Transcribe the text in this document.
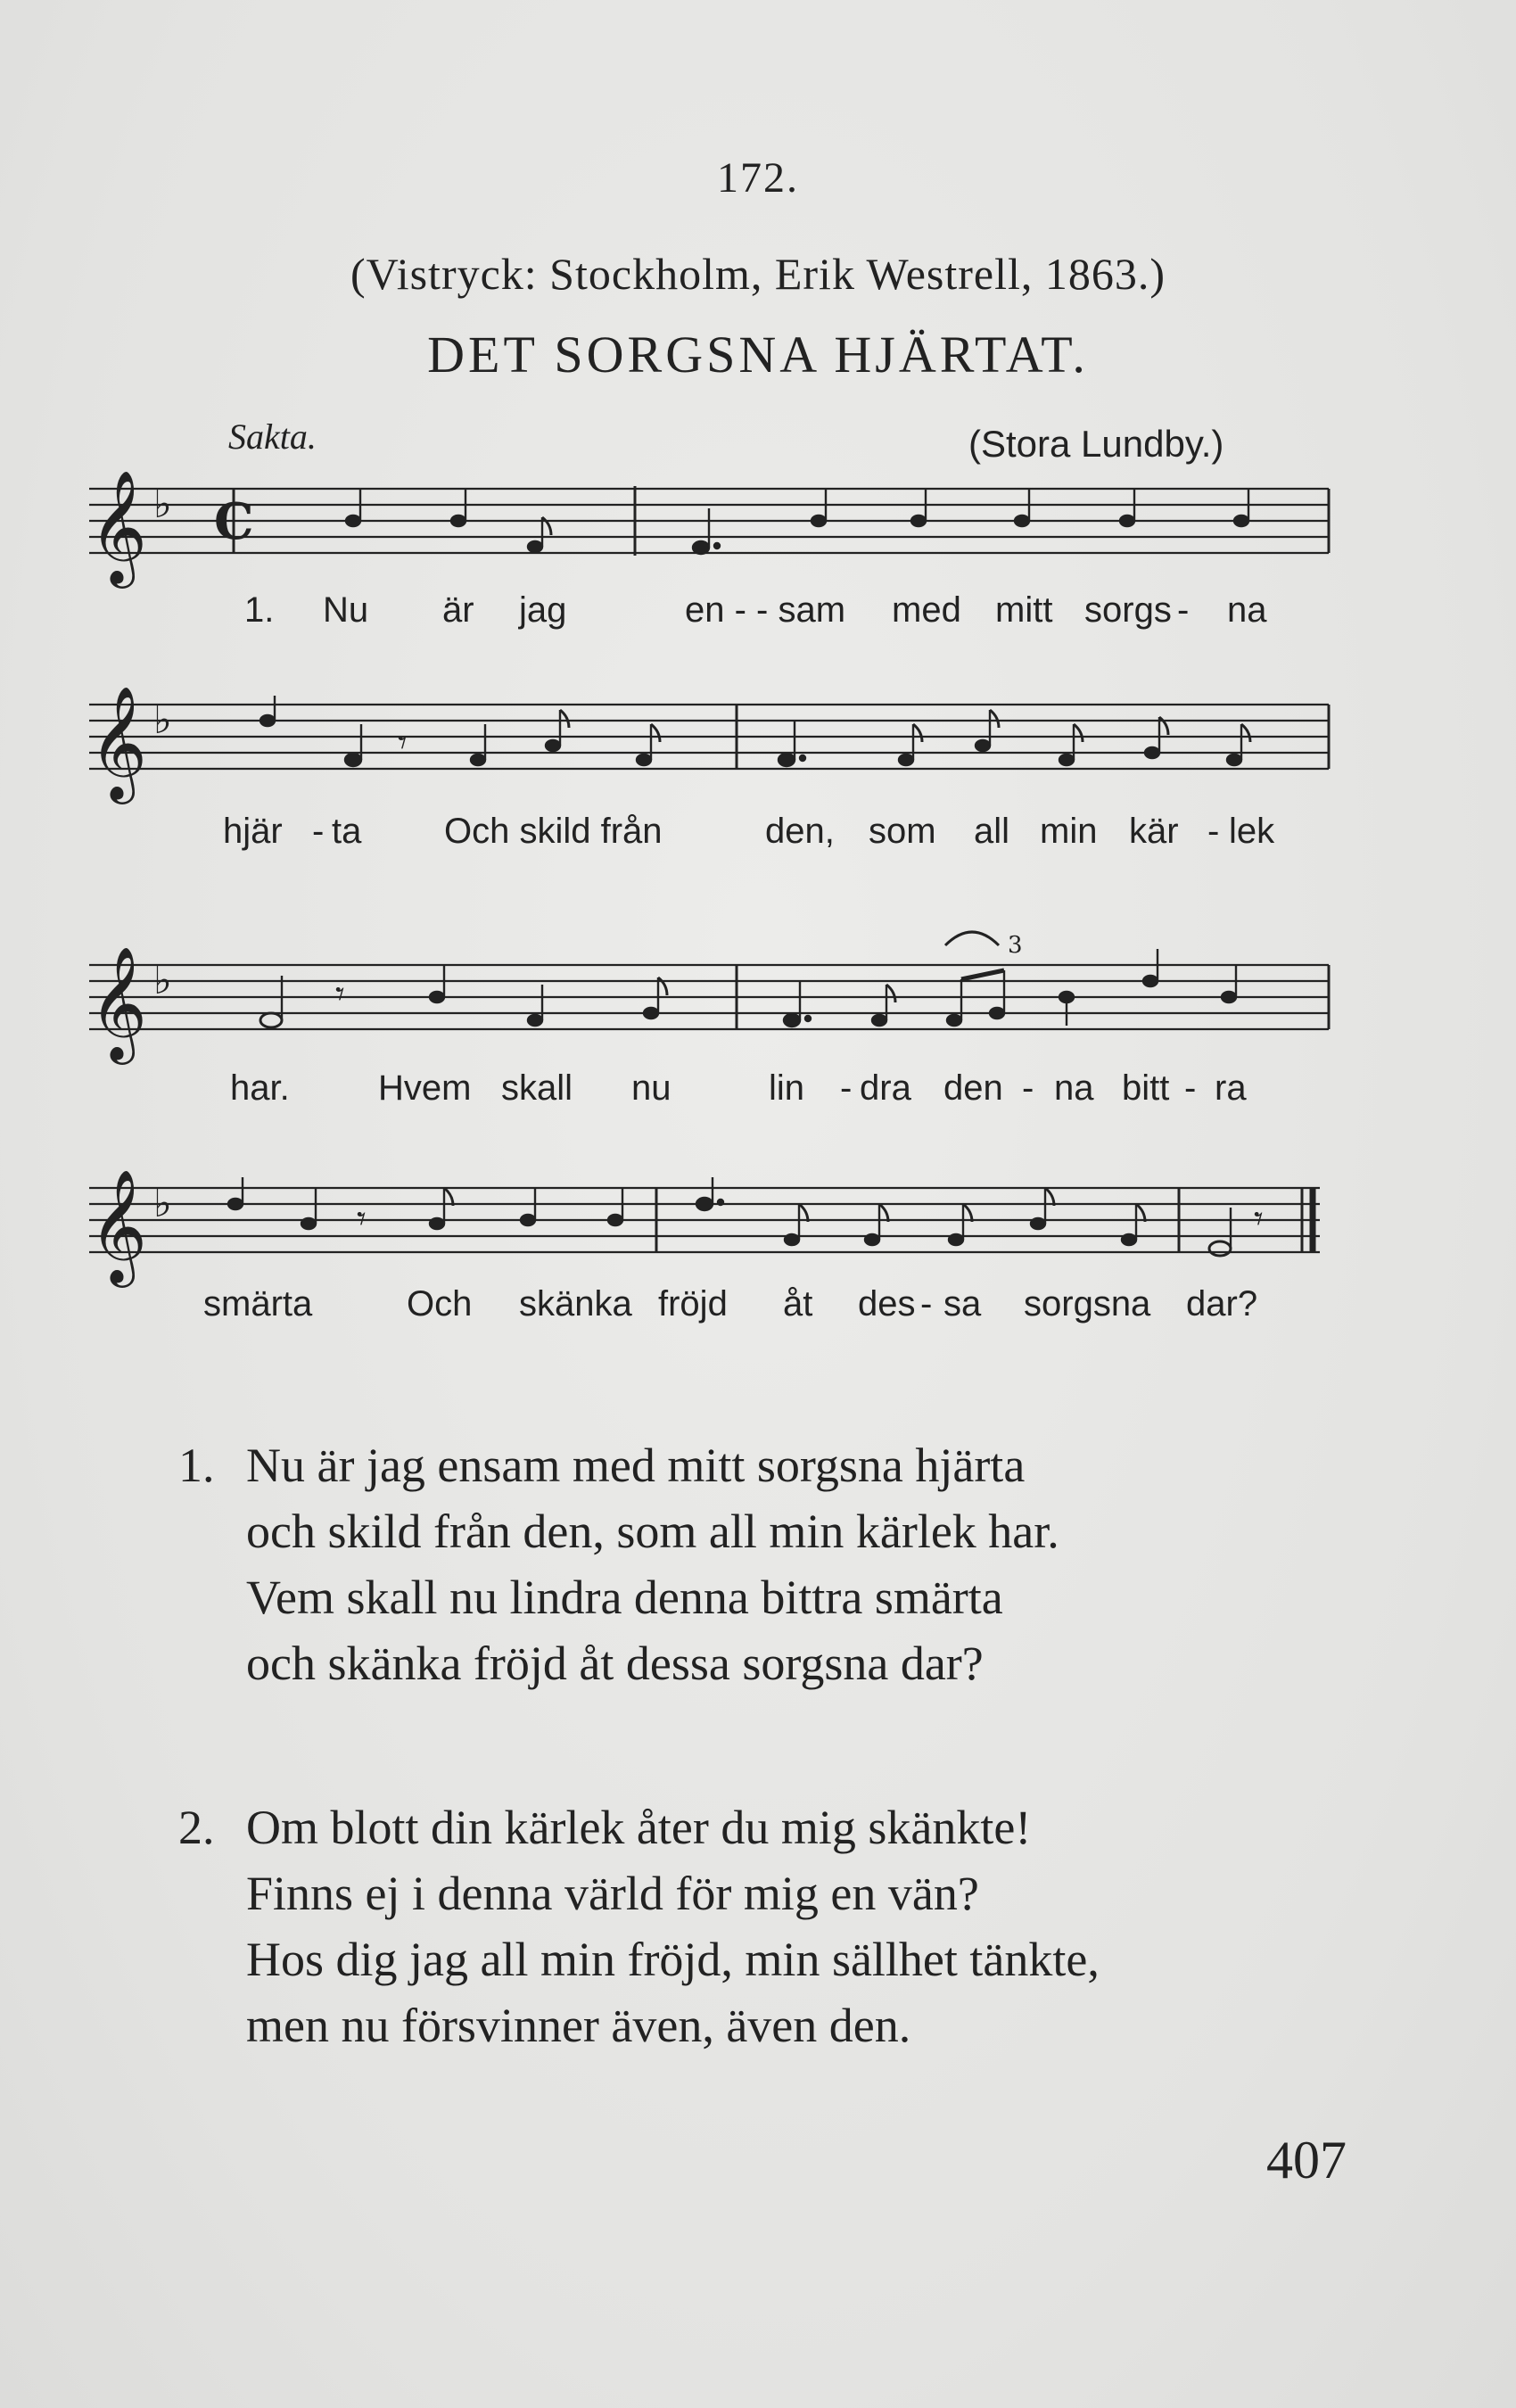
172.
(Vistryck: Stockholm, Erik Westrell, 1863.)
DET SORGSNA HJÄRTAT.
Sakta.	(Stora Lundby.)
𝄞
𝄞
𝄞
𝄞
♭
♭
♭
♭
C
3
𝄾
𝄾
𝄾	𝄾
1. Nu är jag	en - - sam med mitt sorgs - na
hjär - ta Och skild från	den, som all min kär - lek
har. Hvem skall nu	lin - dra den - na bitt - ra
smärta	Och skänka fröjd åt des - sa sorgsna dar?
1. Nu är jag ensam med mitt sorgsna hjärta
och skild från den, som all min kärlek har.
Vem skall nu lindra denna bittra smärta
och skänka fröjd åt dessa sorgsna dar?
2. Om blott din kärlek åter du mig skänkte!
Finns ej i denna värld för mig en vän?
Hos dig jag all min fröjd, min sällhet tänkte,
men nu försvinner även, även den.
407
